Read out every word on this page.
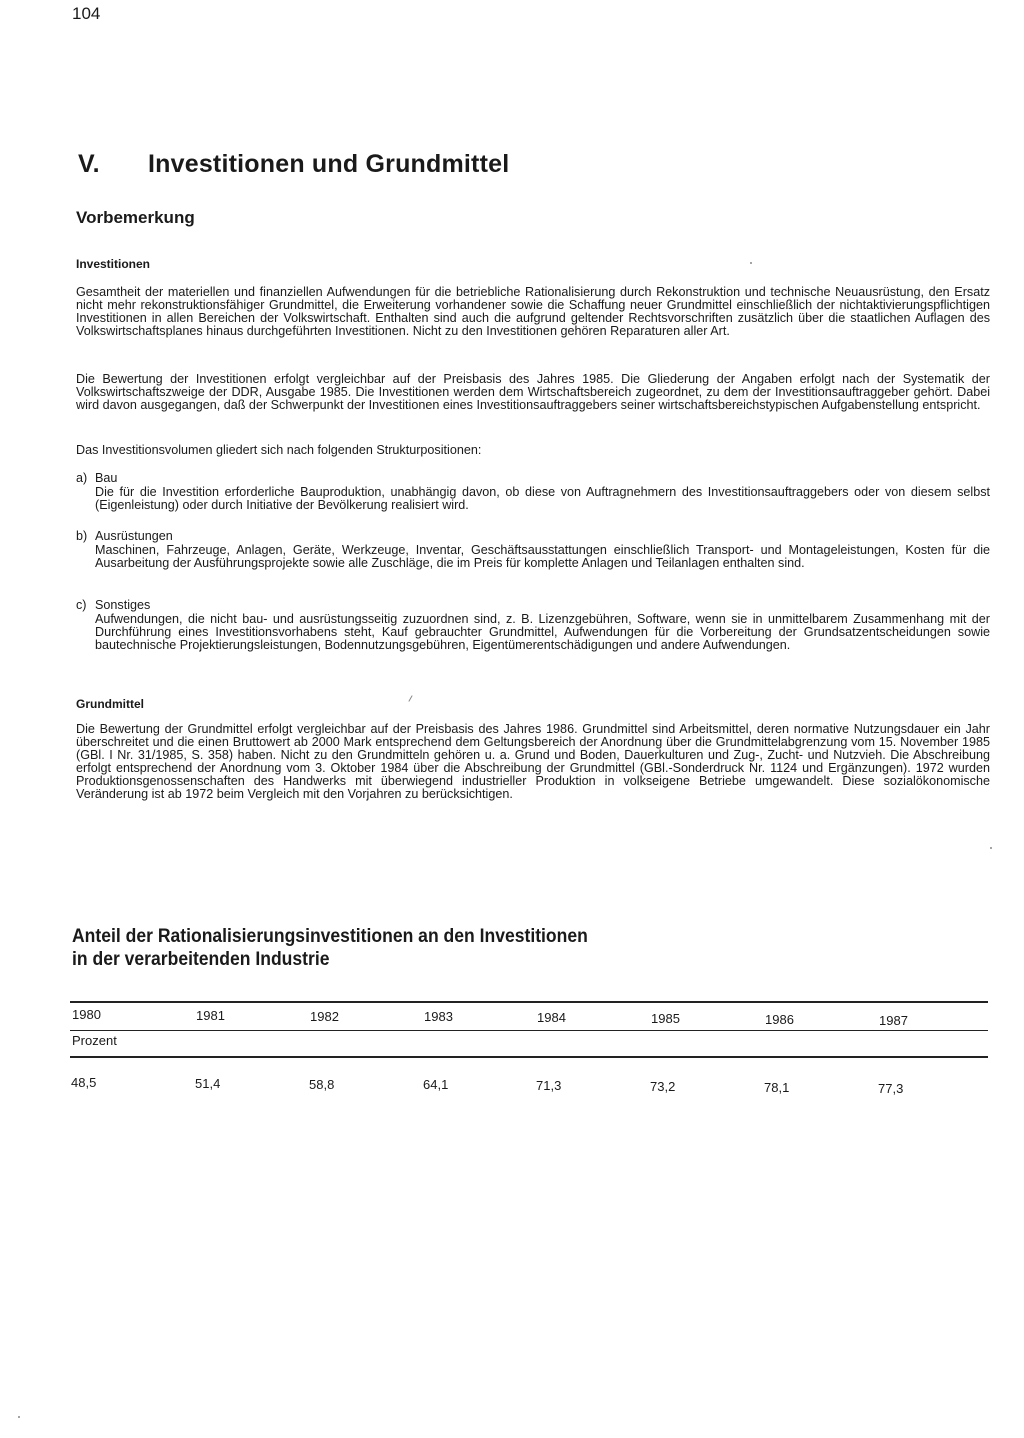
104
V. Investitionen und Grundmittel
Vorbemerkung
Investitionen

Gesamtheit der materiellen und finanziellen Aufwendungen für die betriebliche Rationalisierung durch Rekonstruktion und technische Neuausrüstung, den Ersatz nicht mehr rekonstruktionsfähiger Grundmittel, die Erweiterung vorhandener sowie die Schaffung neuer Grundmittel einschließlich der nichtaktivierungspflichtigen Investitionen in allen Bereichen der Volkswirtschaft. Enthalten sind auch die aufgrund geltender Rechtsvorschriften zusätzlich über die staatlichen Auflagen des Volkswirtschaftsplanes hinaus durchgeführten Investitionen. Nicht zu den Investitionen gehören Reparaturen aller Art.

Die Bewertung der Investitionen erfolgt vergleichbar auf der Preisbasis des Jahres 1985. Die Gliederung der Angaben erfolgt nach der Systematik der Volkswirtschaftszweige der DDR, Ausgabe 1985. Die Investitionen werden dem Wirtschaftsbereich zugeordnet, zu dem der Investitionsauftraggeber gehört. Dabei wird davon ausgegangen, daß der Schwerpunkt der Investitionen eines Investitionsauftraggebers seiner wirtschaftsbereichstypischen Aufgabenstellung entspricht.

Das Investitionsvolumen gliedert sich nach folgenden Strukturpositionen:

a) Bau

Die für die Investition erforderliche Bauproduktion, unabhängig davon, ob diese von Auftragnehmern des Investitionsauftraggebers oder von diesem selbst (Eigenleistung) oder durch Initiative der Bevölkerung realisiert wird.

b) Ausrüstungen

Maschinen, Fahrzeuge, Anlagen, Geräte, Werkzeuge, Inventar, Geschäftsausstattungen einschließlich Transport- und Montageleistungen, Kosten für die Ausarbeitung der Ausführungsprojekte sowie alle Zuschläge, die im Preis für komplette Anlagen und Teilanlagen enthalten sind.

c) Sonstiges

Aufwendungen, die nicht bau- und ausrüstungsseitig zuzuordnen sind, z. B. Lizenzgebühren, Software, wenn sie in unmittelbarem Zusammenhang mit der Durchführung eines Investitionsvorhabens steht, Kauf gebrauchter Grundmittel, Aufwendungen für die Vorbereitung der Grundsatzentscheidungen sowie bautechnische Projektierungsleistungen, Bodennutzungsgebühren, Eigentümerentschädigungen und andere Aufwendungen.

Grundmittel

Die Bewertung der Grundmittel erfolgt vergleichbar auf der Preisbasis des Jahres 1986. Grundmittel sind Arbeitsmittel, deren normative Nutzungsdauer ein Jahr überschreitet und die einen Bruttowert ab 2000 Mark entsprechend dem Geltungsbereich der Anordnung über die Grundmittelabgrenzung vom 15. November 1985 (GBl. I Nr. 31/1985, S. 358) haben. Nicht zu den Grundmitteln gehören u. a. Grund und Boden, Dauerkulturen und Zug-, Zucht- und Nutzvieh. Die Abschreibung erfolgt entsprechend der Anordnung vom 3. Oktober 1984 über die Abschreibung der Grundmittel (GBl.-Sonderdruck Nr. 1124 und Ergänzungen). 1972 wurden Produktionsgenossenschaften des Handwerks mit überwiegend industrieller Produktion in volkseigene Betriebe umgewandelt. Diese sozialökonomische Veränderung ist ab 1972 beim Vergleich mit den Vorjahren zu berücksichtigen.

Anteil der Rationalisierungsinvestitionen an den Investitionen
in der verarbeitenden Industrie
1980	1981	1982	1983	1984	1985	1986	1987
Prozent
48,5	51,4	58,8	64,1	71,3	73,2	78,1	77,3
